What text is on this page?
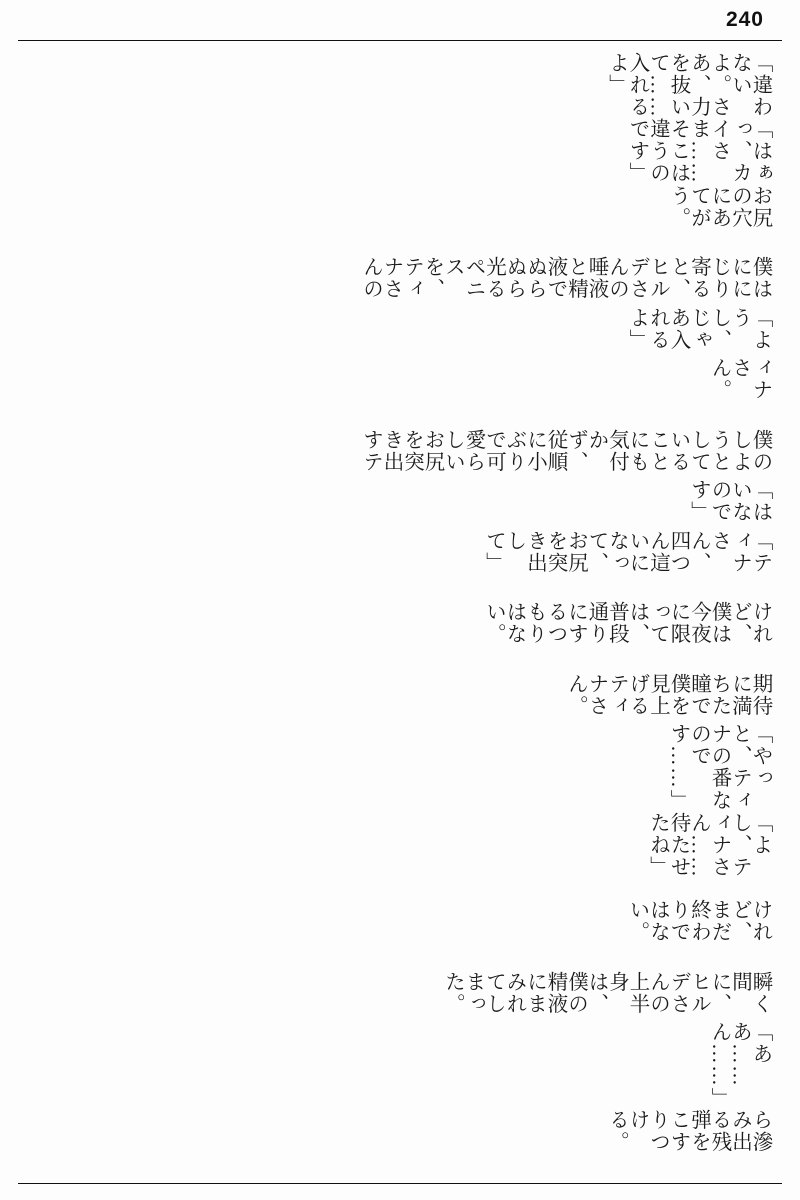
240
ら滲み出る残弾をこすりつける。
「ああ……ん……」
瞬く間に、ヒルデさんの上半身は、僕の精液にまみれてしまった。
けれど、まだ終わりではない。
「よし、ティナさん……待たせたね」
「やっと、ティナの番なのです……」
期待に満ちた瞳で僕を見上げるティナさん。
けれど、僕は今夜に限っては、普段通りにするつもりはない。
「ティナさん、四つん這いになって、お尻を突き出して」
「はいなのです」
僕のしようとしていることにも気付かず、従順に小ぶりで可愛らしいお尻を突き出すテ
ィナさん。
「ようし、じゃあ入れるよ」
僕はににじり寄ると、ヒルデさんの唾液と精液でぬらぬら光るペニスを、ティナさんの
お尻の穴にあてがう。
「はぁっ、カイさま……そこは違うのです」
「違わないよ。さあ、力を抜いて……入れるよ」
